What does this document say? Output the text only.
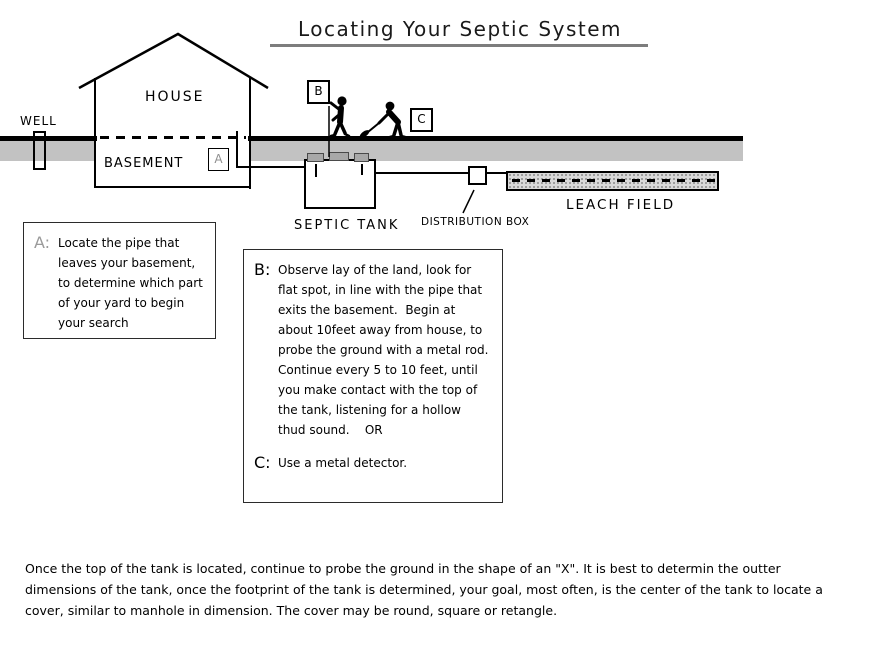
Locating Your Septic System
WELL
HOUSE
BASEMENT	A
SEPTIC TANK DISTRIBUTION BOX
LEACH FIELD
B
C
A: Locate the pipe that leaves your basement, to determine which part of your yard to begin your search
B: Observe lay of the land, look for flat spot, in line with the pipe that exits the basement.  Begin at about 10feet away from house, to probe the ground with a metal rod.  Continue every 5 to 10 feet, until you make contact with the top of the tank, listening for a hollow thud sound.    OR
C: Use a metal detector.
Once the top of the tank is located, continue to probe the ground in the shape of an "X". It is best to determin the outter dimensions of the tank, once the footprint of the tank is determined, your goal, most often, is the center of the tank to locate a cover, similar to manhole in dimension. The cover may be round, square or retangle.
